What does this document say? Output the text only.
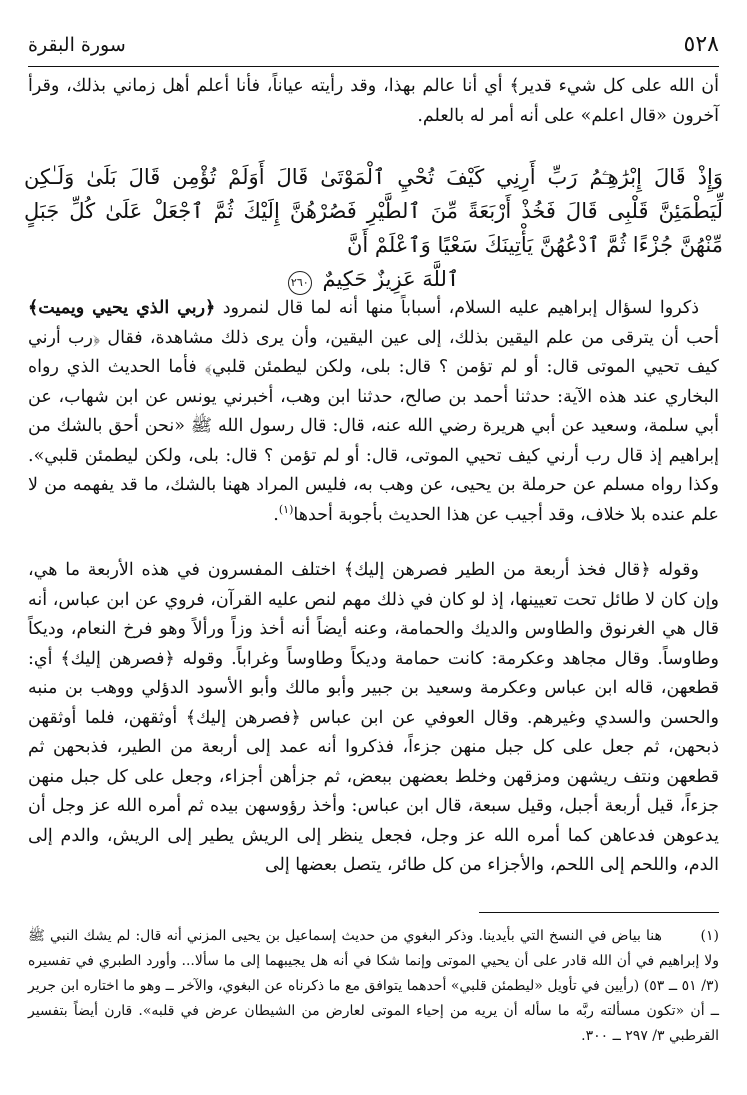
سورة البقرة	٥٢٨

أن الله على كل شيء قدير﴾ أي أنا عالم بهذا، وقد رأيته عياناً، فأنا أعلم أهل زماني بذلك، وقرأ آخرون «قال اعلم» على أنه أمر له بالعلم.

وَإِذْ قَالَ إِبْرَٰهِـۧمُ رَبِّ أَرِنِي كَيْفَ تُحْيِ ٱلْمَوْتَىٰ قَالَ أَوَلَمْ تُؤْمِن قَالَ بَلَىٰ وَلَـٰكِن لِّيَطْمَئِنَّ قَلْبِى قَالَ فَخُذْ أَرْبَعَةً مِّنَ ٱلطَّيْرِ فَصُرْهُنَّ إِلَيْكَ ثُمَّ ٱجْعَلْ عَلَىٰ كُلِّ جَبَلٍ مِّنْهُنَّ جُزْءًا ثُمَّ ٱدْعُهُنَّ يَأْتِينَكَ سَعْيًا وَٱعْلَمْ أَنَّ
ٱللَّهَ عَزِيزٌ حَكِيمٌ ٢٦٠

ذكروا لسؤال إبراهيم عليه السلام، أسباباً منها أنه لما قال لنمرود ﴿ربي الذي يحيي ويميت﴾ أحب أن يترقى من علم اليقين بذلك، إلى عين اليقين، وأن يرى ذلك مشاهدة، فقال ﴿رب أرني كيف تحيي الموتى قال: أو لم تؤمن ؟ قال: بلى، ولكن ليطمئن قلبي﴾ فأما الحديث الذي رواه البخاري عند هذه الآية: حدثنا أحمد بن صالح، حدثنا ابن وهب، أخبرني يونس عن ابن شهاب، عن أبي سلمة، وسعيد عن أبي هريرة رضي الله عنه، قال: قال رسول الله ﷺ «نحن أحق بالشك من إبراهيم إذ قال رب أرني كيف تحيي الموتى، قال: أو لم تؤمن ؟ قال: بلى، ولكن ليطمئن قلبي». وكذا رواه مسلم عن حرملة بن يحيى، عن وهب به، فليس المراد ههنا بالشك، ما قد يفهمه من لا علم عنده بلا خلاف، وقد أجيب عن هذا الحديث بأجوبة أحدها$^{(١)}$.

وقوله ﴿قال فخذ أربعة من الطير فصرهن إليك﴾ اختلف المفسرون في هذه الأربعة ما هي، وإن كان لا طائل تحت تعيينها، إذ لو كان في ذلك مهم لنص عليه القرآن، فروي عن ابن عباس، أنه قال هي الغرنوق والطاوس والديك والحمامة، وعنه أيضاً أنه أخذ وزاً ورألاً وهو فرخ النعام، وديكاً وطاوساً. وقال مجاهد وعكرمة: كانت حمامة وديكاً وطاوساً وغراباً. وقوله ﴿فصرهن إليك﴾ أي: قطعهن، قاله ابن عباس وعكرمة وسعيد بن جبير وأبو مالك وأبو الأسود الدؤلي ووهب بن منبه والحسن والسدي وغيرهم. وقال العوفي عن ابن عباس ﴿فصرهن إليك﴾ أوثقهن، فلما أوثقهن ذبحهن، ثم جعل على كل جبل منهن جزءاً، فذكروا أنه عمد إلى أربعة من الطير، فذبحهن ثم قطعهن ونتف ريشهن ومزقهن وخلط بعضهن ببعض، ثم جزأهن أجزاء، وجعل على كل جبل منهن جزءاً، قيل أربعة أجبل، وقيل سبعة، قال ابن عباس: وأخذ رؤوسهن بيده ثم أمره الله عز وجل أن يدعوهن فدعاهن كما أمره الله عز وجل، فجعل ينظر إلى الريش يطير إلى الريش، والدم إلى الدم، واللحم إلى اللحم، والأجزاء من كل طائر، يتصل بعضها إلى

(١) هنا بياض في النسخ التي بأيدينا. وذكر البغوي من حديث إسماعيل بن يحيى المزني أنه قال: لم يشك النبي ﷺ ولا إبراهيم في أن الله قادر على أن يحيي الموتى وإنما شكا في أنه هل يجيبهما إلى ما سألا... وأورد الطبري في تفسيره (٣/ ٥١ ــ ٥٣) (رأيين في تأويل «ليطمئن قلبي» أحدهما يتوافق مع ما ذكرناه عن البغوي، والآخر ــ وهو ما اختاره ابن جرير ــ أن «تكون مسألته ربَّه ما سأله أن يريه من إحياء الموتى لعارض من الشيطان عرض في قلبه». قارن أيضاً بتفسير القرطبي ٣/ ٢٩٧ ــ ٣٠٠.
